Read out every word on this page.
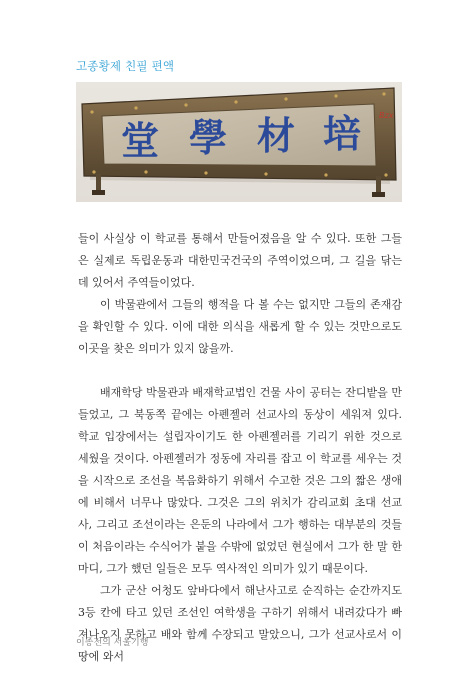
고종황제 친필 편액
堂 學 材 培 Bzx

들이 사실상 이 학교를 통해서 만들어졌음을 알 수 있다. 또한 그들은 실제로 독립운동과 대한민국건국의 주역이었으며, 그 길을 닦는 데 있어서 주역들이었다.

이 박물관에서 그들의 행적을 다 볼 수는 없지만 그들의 존재감을 확인할 수 있다. 이에 대한 의식을 새롭게 할 수 있는 것만으로도 이곳을 찾은 의미가 있지 않을까.

배재학당 박물관과 배재학교법인 건물 사이 공터는 잔디밭을 만들었고, 그 북동쪽 끝에는 아펜젤러 선교사의 동상이 세워져 있다. 학교 입장에서는 설립자이기도 한 아펜젤러를 기리기 위한 것으로 세웠을 것이다. 아펜젤러가 정동에 자리를 잡고 이 학교를 세우는 것을 시작으로 조선을 복음화하기 위해서 수고한 것은 그의 짧은 생애에 비해서 너무나 많았다. 그것은 그의 위치가 감리교회 초대 선교사, 그리고 조선이라는 은둔의 나라에서 그가 행하는 대부분의 것들이 처음이라는 수식어가 붙을 수밖에 없었던 현실에서 그가 한 말 한마디, 그가 했던 일들은 모두 역사적인 의미가 있기 때문이다.

그가 군산 어청도 앞바다에서 해난사고로 순직하는 순간까지도 3등 칸에 타고 있던 조선인 여학생을 구하기 위해서 내려갔다가 빠져나오지 못하고 배와 함께 수장되고 말았으니, 그가 선교사로서 이 땅에 와서

이종전의 서울기행
